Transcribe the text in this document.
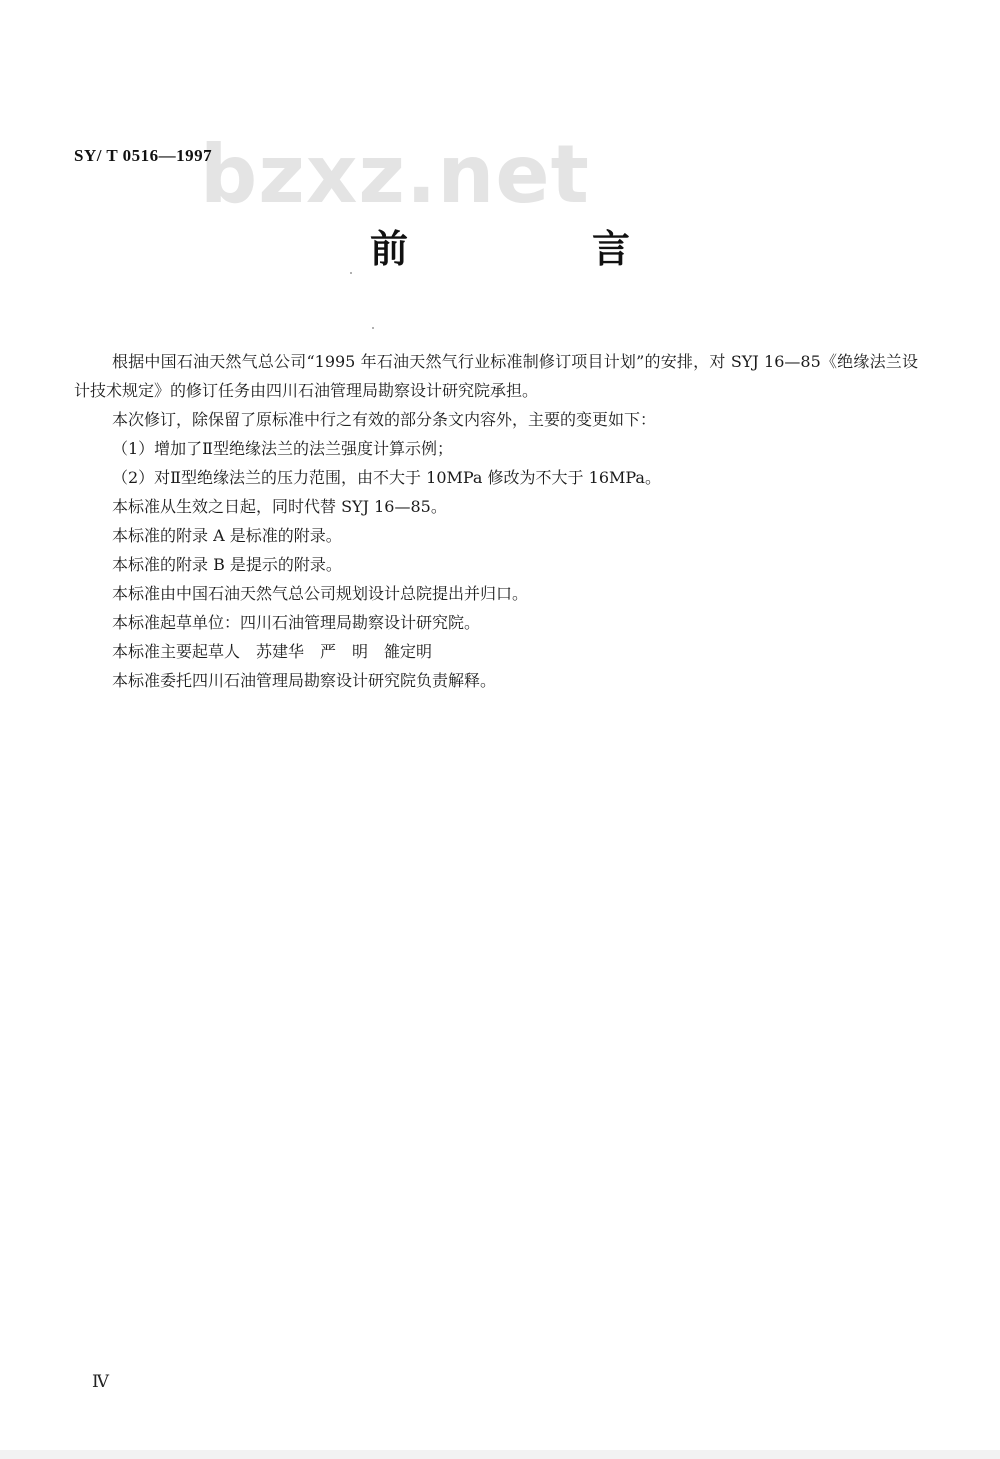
bzxz.net
SY/ T 0516—1997
前	言

根据中国石油天然气总公司“1995 年石油天然气行业标准制修订项目计划”的安排，对 SYJ 16—85《绝缘法兰设计技术规定》的修订任务由四川石油管理局勘察设计研究院承担。

本次修订，除保留了原标准中行之有效的部分条文内容外，主要的变更如下：

（1）增加了Ⅱ型绝缘法兰的法兰强度计算示例；

（2）对Ⅱ型绝缘法兰的压力范围，由不大于 10MPa 修改为不大于 16MPa。

本标准从生效之日起，同时代替 SYJ 16—85。

本标准的附录 A 是标准的附录。

本标准的附录 B 是提示的附录。

本标准由中国石油天然气总公司规划设计总院提出并归口。

本标准起草单位：四川石油管理局勘察设计研究院。

本标准主要起草人　苏建华　严　明　雒定明

本标准委托四川石油管理局勘察设计研究院负责解释。

Ⅳ
